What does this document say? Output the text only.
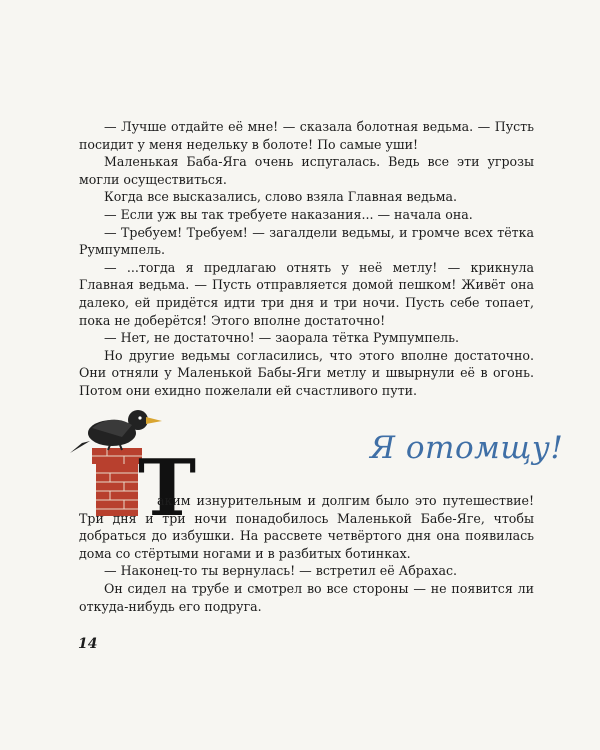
— Лучше отдайте её мне! — сказала болотная ведьма. — Пусть посидит у меня недельку в болоте! По самые уши!

Маленькая Баба-Яга очень испугалась. Ведь все эти угрозы могли осуществиться.

Когда все высказались, слово взяла Главная ведьма.

— Если уж вы так требуете наказания... — начала она.

— Требуем! Требуем! — загалдели ведьмы, и громче всех тётка Румпумпель.

— ...тогда я предлагаю отнять у неё метлу! — крикнула Главная ведьма. — Пусть отправляется домой пешком! Живёт она далеко, ей придётся идти три дня и три ночи. Пусть себе топает, пока не доберётся! Этого вполне достаточно!

— Нет, не достаточно! — заорала тётка Румпумпель.

Но другие ведьмы согласились, что этого вполне достаточно. Они отняли у Маленькой Бабы-Яги метлу и швырнули её в огонь. Потом они ехидно пожелали ей счастливого пути.

Т	Я отомщу!

аким изнурительным и долгим было это путешествие! Три дня и три ночи понадобилось Маленькой Бабе-Яге, чтобы добраться до избушки. На рассвете четвёртого дня она появилась дома со стёртыми ногами и в разбитых ботинках.

— Наконец-то ты вернулась! — встретил её Абрахас.

Он сидел на трубе и смотрел во все стороны — не появится ли откуда-нибудь его подруга.

14
